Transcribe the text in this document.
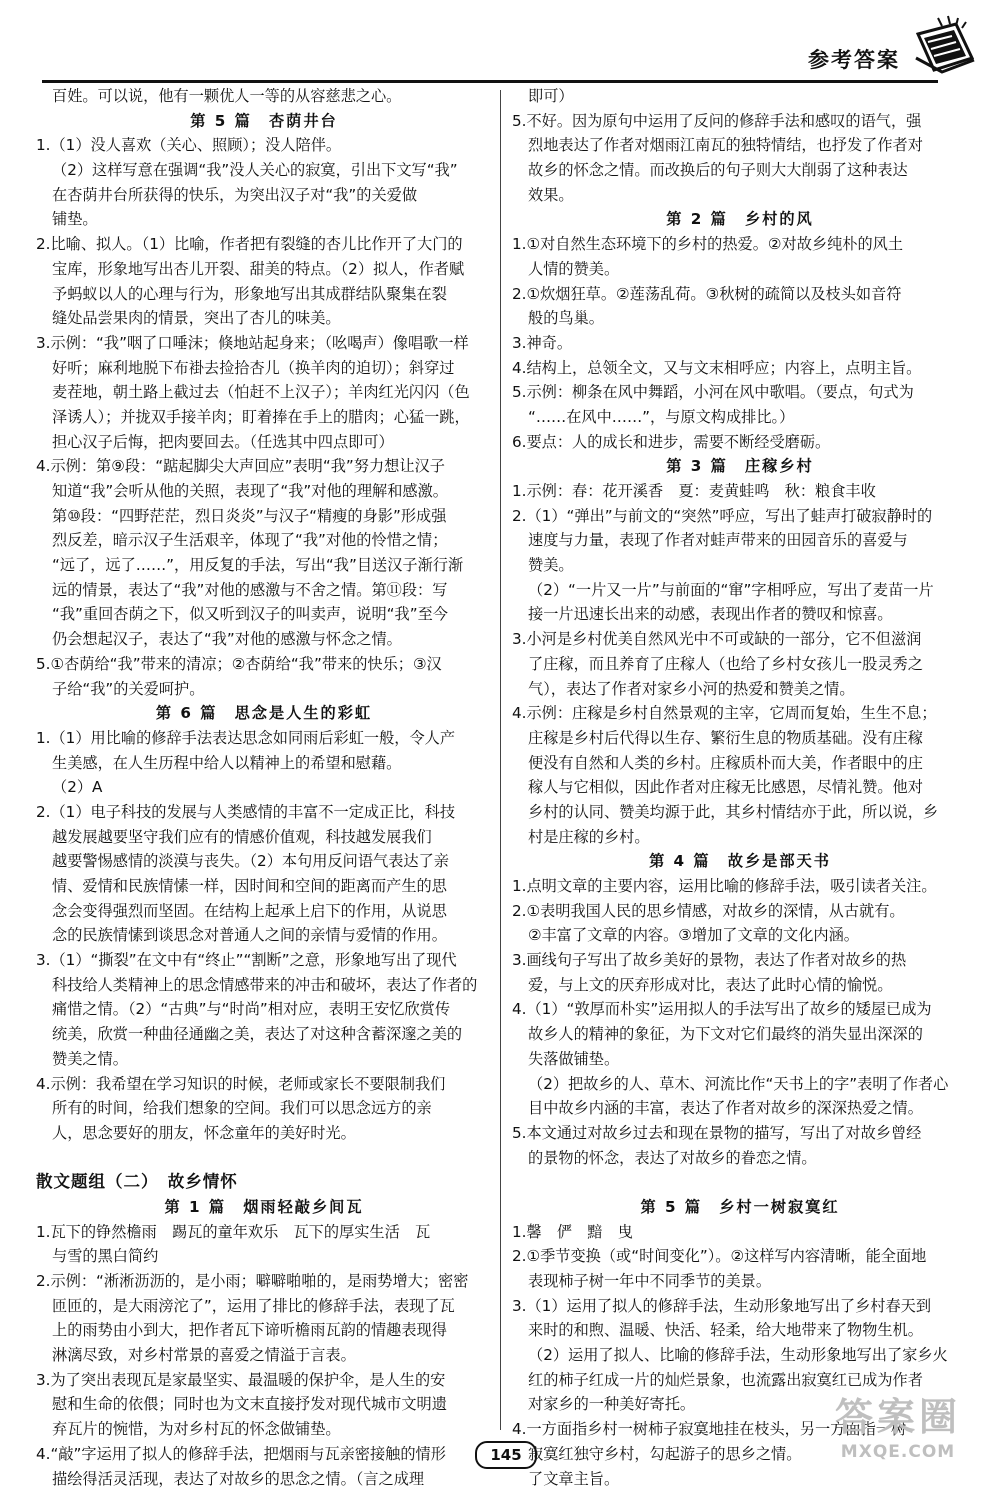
参考答案
百姓。可以说，他有一颗优人一等的从容慈悲之心。
第 5 篇　杏荫井台
1.（1）没人喜欢（关心、照顾）；没人陪伴。
（2）这样写意在强调“我”没人关心的寂寞，引出下文写“我”
在杏荫井台所获得的快乐，为突出汉子对“我”的关爱做
铺垫。
2.比喻、拟人。（1）比喻，作者把有裂缝的杏儿比作开了大门的
宝库，形象地写出杏儿开裂、甜美的特点。（2）拟人，作者赋
予蚂蚁以人的心理与行为，形象地写出其成群结队聚集在裂
缝处品尝果肉的情景，突出了杏儿的味美。
3.示例：“我”咽了口唾沫；倏地站起身来；（吆喝声）像唱歌一样
好听；麻利地脱下布褂去捡拾杏儿（换羊肉的迫切）；斜穿过
麦茬地，朝土路上截过去（怕赶不上汉子）；羊肉红光闪闪（色
泽诱人）；并拢双手接羊肉；盯着捧在手上的腊肉；心猛一跳，
担心汉子后悔，把肉要回去。（任选其中四点即可）
4.示例：第⑨段：“踮起脚尖大声回应”表明“我”努力想让汉子
知道“我”会听从他的关照，表现了“我”对他的理解和感激。
第⑩段：“四野茫茫，烈日炎炎”与汉子“精瘦的身影”形成强
烈反差，暗示汉子生活艰辛，体现了“我”对他的怜惜之情；
“远了，远了……”，用反复的手法，写出“我”目送汉子渐行渐
远的情景，表达了“我”对他的感激与不舍之情。第⑪段：写
“我”重回杏荫之下，似又听到汉子的叫卖声，说明“我”至今
仍会想起汉子，表达了“我”对他的感激与怀念之情。
5.①杏荫给“我”带来的清凉；②杏荫给“我”带来的快乐；③汉
子给“我”的关爱呵护。
第 6 篇　思念是人生的彩虹
1.（1）用比喻的修辞手法表达思念如同雨后彩虹一般，令人产
生美感，在人生历程中给人以精神上的希望和慰藉。
（2）A
2.（1）电子科技的发展与人类感情的丰富不一定成正比，科技
越发展越要坚守我们应有的情感价值观，科技越发展我们
越要警惕感情的淡漠与丧失。（2）本句用反问语气表达了亲
情、爱情和民族情愫一样，因时间和空间的距离而产生的思
念会变得强烈而坚固。在结构上起承上启下的作用，从说思
念的民族情愫到谈思念对普通人之间的亲情与爱情的作用。
3.（1）“撕裂”在文中有“终止”“割断”之意，形象地写出了现代
科技给人类精神上的思念情感带来的冲击和破坏，表达了作者的
痛惜之情。（2）“古典”与“时尚”相对应，表明王安忆欣赏传
统美，欣赏一种曲径通幽之美，表达了对这种含蓄深邃之美的
赞美之情。
4.示例：我希望在学习知识的时候，老师或家长不要限制我们
所有的时间，给我们想象的空间。我们可以思念远方的亲
人，思念要好的朋友，怀念童年的美好时光。
散文题组（二）　故乡情怀
第 1 篇　烟雨轻敲乡间瓦
1.瓦下的铮然檐雨　踢瓦的童年欢乐　瓦下的厚实生活　瓦
与雪的黑白简约
2.示例：“淅淅沥沥的，是小雨；噼噼啪啪的，是雨势增大；密密
匝匝的，是大雨滂沱了”，运用了排比的修辞手法，表现了瓦
上的雨势由小到大，把作者瓦下谛听檐雨瓦韵的情趣表现得
淋漓尽致，对乡村常景的喜爱之情溢于言表。
3.为了突出表现瓦是家最坚实、最温暖的保护伞，是人生的安
慰和生命的依偎；同时也为文末直接抒发对现代城市文明遗
弃瓦片的惋惜，为对乡村瓦的怀念做铺垫。
4.“敲”字运用了拟人的修辞手法，把烟雨与瓦亲密接触的情形
描绘得活灵活现，表达了对故乡的思念之情。（言之成理
即可）
5.不好。因为原句中运用了反问的修辞手法和感叹的语气，强
烈地表达了作者对烟雨江南瓦的独特情结，也抒发了作者对
故乡的怀念之情。而改换后的句子则大大削弱了这种表达
效果。
第 2 篇　乡村的风
1.①对自然生态环境下的乡村的热爱。②对故乡纯朴的风土
人情的赞美。
2.①炊烟狂草。②莲荡乱荷。③秋树的疏简以及枝头如音符
般的鸟巢。
3.神奇。
4.结构上，总领全文，又与文末相呼应；内容上，点明主旨。
5.示例：柳条在风中舞蹈，小河在风中歌唱。（要点，句式为
“……在风中……”，与原文构成排比。）
6.要点：人的成长和进步，需要不断经受磨砺。
第 3 篇　庄稼乡村
1.示例：春：花开溪香　夏：麦黄蛙鸣　秋：粮食丰收
2.（1）“弹出”与前文的“突然”呼应，写出了蛙声打破寂静时的
速度与力量，表现了作者对蛙声带来的田园音乐的喜爱与
赞美。
（2）“一片又一片”与前面的“窜”字相呼应，写出了麦苗一片
接一片迅速长出来的动感，表现出作者的赞叹和惊喜。
3.小河是乡村优美自然风光中不可或缺的一部分，它不但滋润
了庄稼，而且养育了庄稼人（也给了乡村女孩儿一股灵秀之
气），表达了作者对家乡小河的热爱和赞美之情。
4.示例：庄稼是乡村自然景观的主宰，它周而复始，生生不息；
庄稼是乡村后代得以生存、繁衍生息的物质基础。没有庄稼
便没有自然和人类的乡村。庄稼质朴而大美，作者眼中的庄
稼人与它相似，因此作者对庄稼无比感恩，尽情礼赞。他对
乡村的认同、赞美均源于此，其乡村情结亦于此，所以说，乡
村是庄稼的乡村。
第 4 篇　故乡是部天书
1.点明文章的主要内容，运用比喻的修辞手法，吸引读者关注。
2.①表明我国人民的思乡情感，对故乡的深情，从古就有。
②丰富了文章的内容。③增加了文章的文化内涵。
3.画线句子写出了故乡美好的景物，表达了作者对故乡的热
爱，与上文的厌弃形成对比，表达了此时心情的愉悦。
4.（1）“敦厚而朴实”运用拟人的手法写出了故乡的矮屋已成为
故乡人的精神的象征，为下文对它们最终的消失显出深深的
失落做铺垫。
（2）把故乡的人、草木、河流比作“天书上的字”表明了作者心
目中故乡内涵的丰富，表达了作者对故乡的深深热爱之情。
5.本文通过对故乡过去和现在景物的描写，写出了对故乡曾经
的景物的怀念，表达了对故乡的眷恋之情。
第 5 篇　乡村一树寂寞红
1.馨　俨　黯　曳
2.①季节变换（或“时间变化”）。②这样写内容清晰，能全面地
表现柿子树一年中不同季节的美景。
3.（1）运用了拟人的修辞手法，生动形象地写出了乡村春天到
来时的和煦、温暖、快活、轻柔，给大地带来了物物生机。
（2）运用了拟人、比喻的修辞手法，生动形象地写出了家乡火
红的柿子红成一片的灿烂景象，也流露出寂寞红已成为作者
对家乡的一种美好寄托。
4.一方面指乡村一树柿子寂寞地挂在枝头，另一方面指一树
寂寞红独守乡村，勾起游子的思乡之情。
了文章主旨。
145
答案圈
MXQE.COM
